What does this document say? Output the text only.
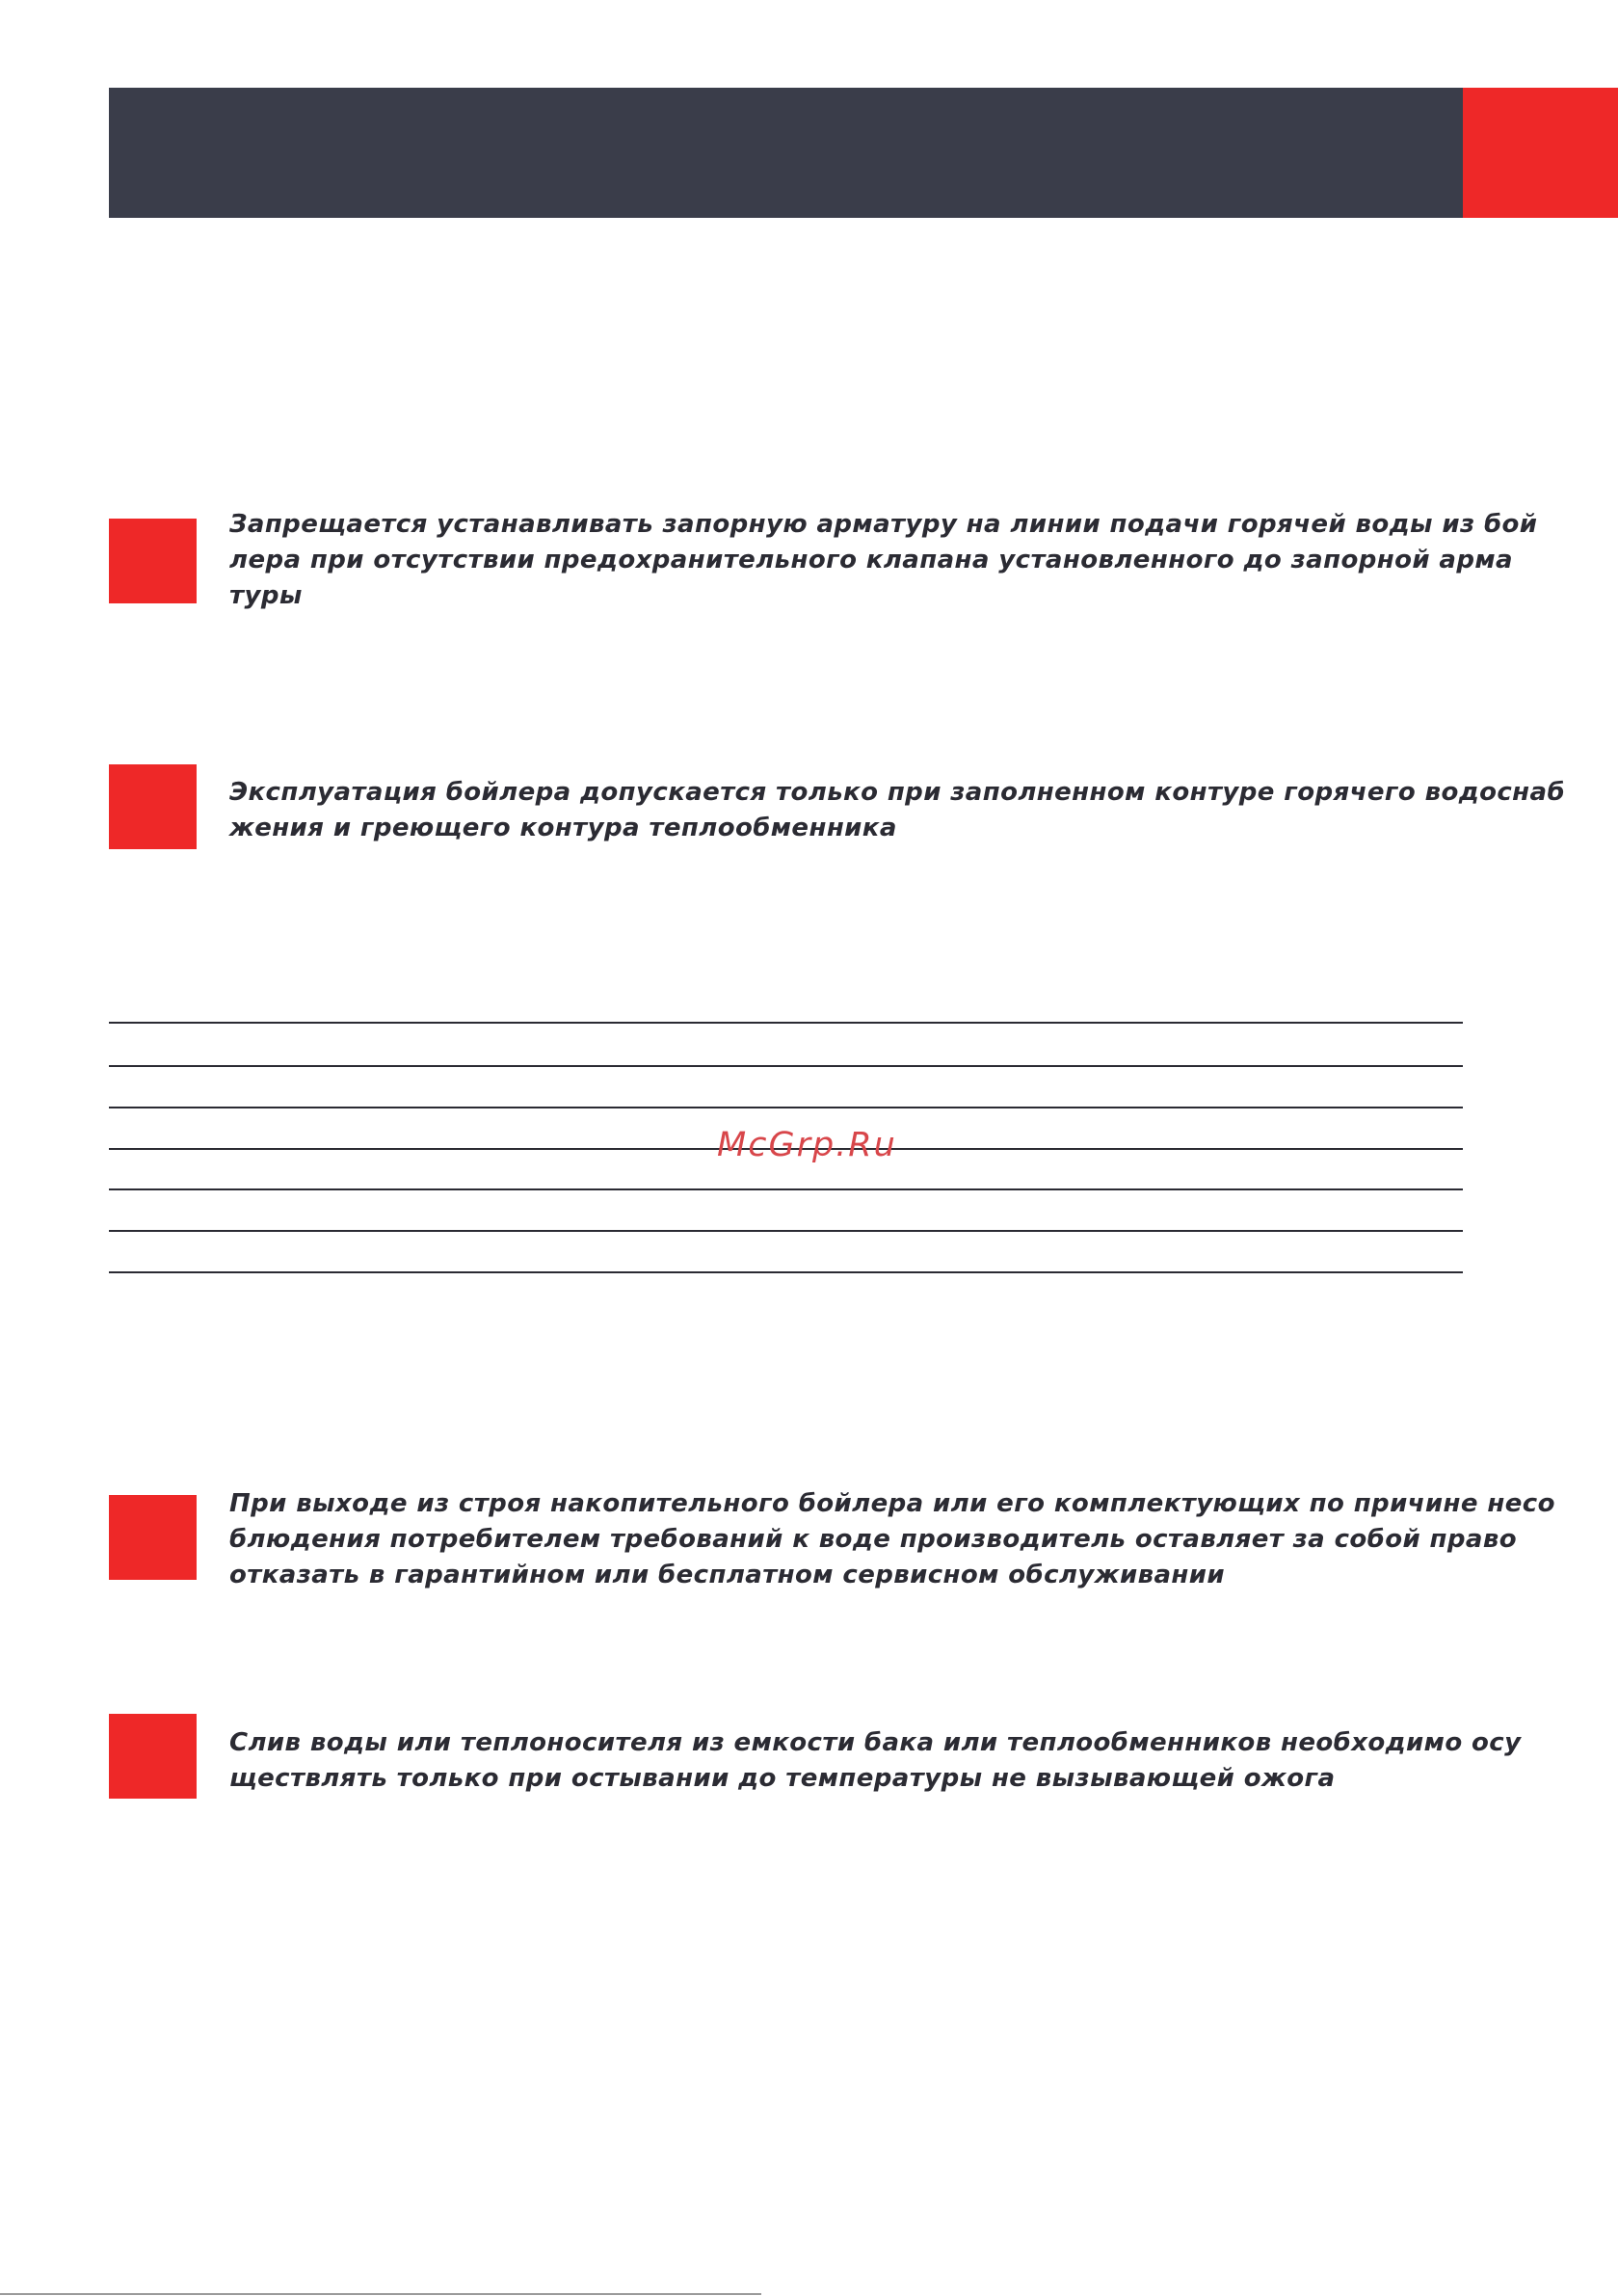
Запрещается устанавливать запорную арматуру на линии подачи горячей воды из бой
лера при отсутствии предохранительного клапана установленного до запорной арма
туры

Эксплуатация бойлера допускается только при заполненном контуре горячего водоснаб
жения и греющего контура теплообменника

McGrp.Ru

При выходе из строя накопительного бойлера или его комплектующих по причине несо
блюдения потребителем требований к воде производитель оставляет за собой право
отказать в гарантийном или бесплатном сервисном обслуживании

Слив воды или теплоносителя из емкости бака или теплообменников необходимо осу
ществлять только при остывании до температуры не вызывающей ожога
